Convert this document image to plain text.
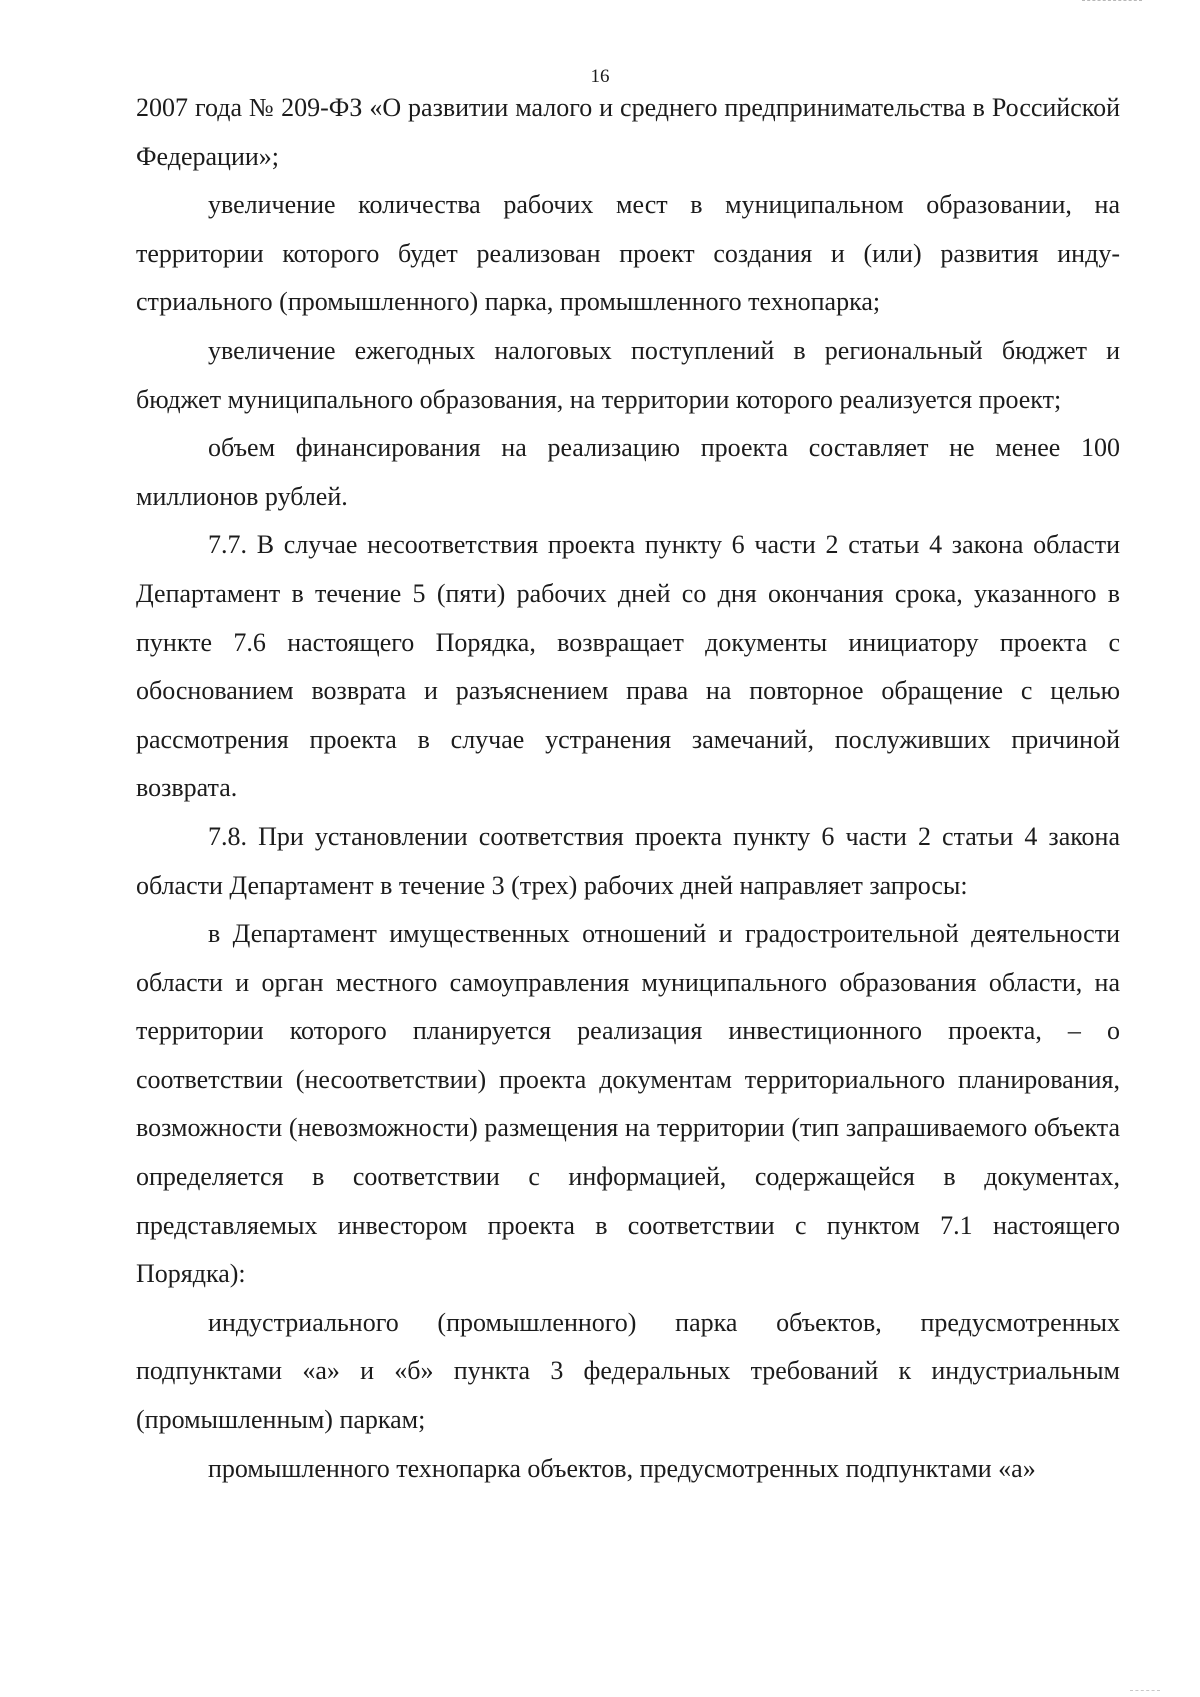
16

2007 года № 209-ФЗ «О развитии малого и среднего предпринимательства в Российской Федерации»;

увеличение количества рабочих мест в муниципальном образовании, на территории которого будет реализован проект создания и (или) развития индустриального (промышленного) парка, промышленного технопарка;

увеличение ежегодных налоговых поступлений в региональный бюджет и бюджет муниципального образования, на территории которого реализуется проект;

объем финансирования на реализацию проекта составляет не менее 100 миллионов рублей.

7.7. В случае несоответствия проекта пункту 6 части 2 статьи 4 закона области Департамент в течение 5 (пяти) рабочих дней со дня окончания срока, указанного в пункте 7.6 настоящего Порядка, возвращает документы инициатору проекта с обоснованием возврата и разъяснением права на повторное обращение с целью рассмотрения проекта в случае устранения замечаний, послуживших причиной возврата.

7.8. При установлении соответствия проекта пункту 6 части 2 статьи 4 закона области Департамент в течение 3 (трех) рабочих дней направляет запросы:

в Департамент имущественных отношений и градостроительной деятельности области и орган местного самоуправления муниципального образования области, на территории которого планируется реализация инвестиционного проекта, – о соответствии (несоответствии) проекта документам территориального планирования, возможности (невозможности) размещения на территории (тип запрашиваемого объекта определяется в соответствии с информацией, содержащейся в документах, представляемых инвестором проекта в соответствии с пунктом 7.1 настоящего Порядка):

индустриального (промышленного) парка объектов, предусмотренных подпунктами «а» и «б» пункта 3 федеральных требований к индустриальным (промышленным) паркам;

промышленного технопарка объектов, предусмотренных подпунктами «а»
